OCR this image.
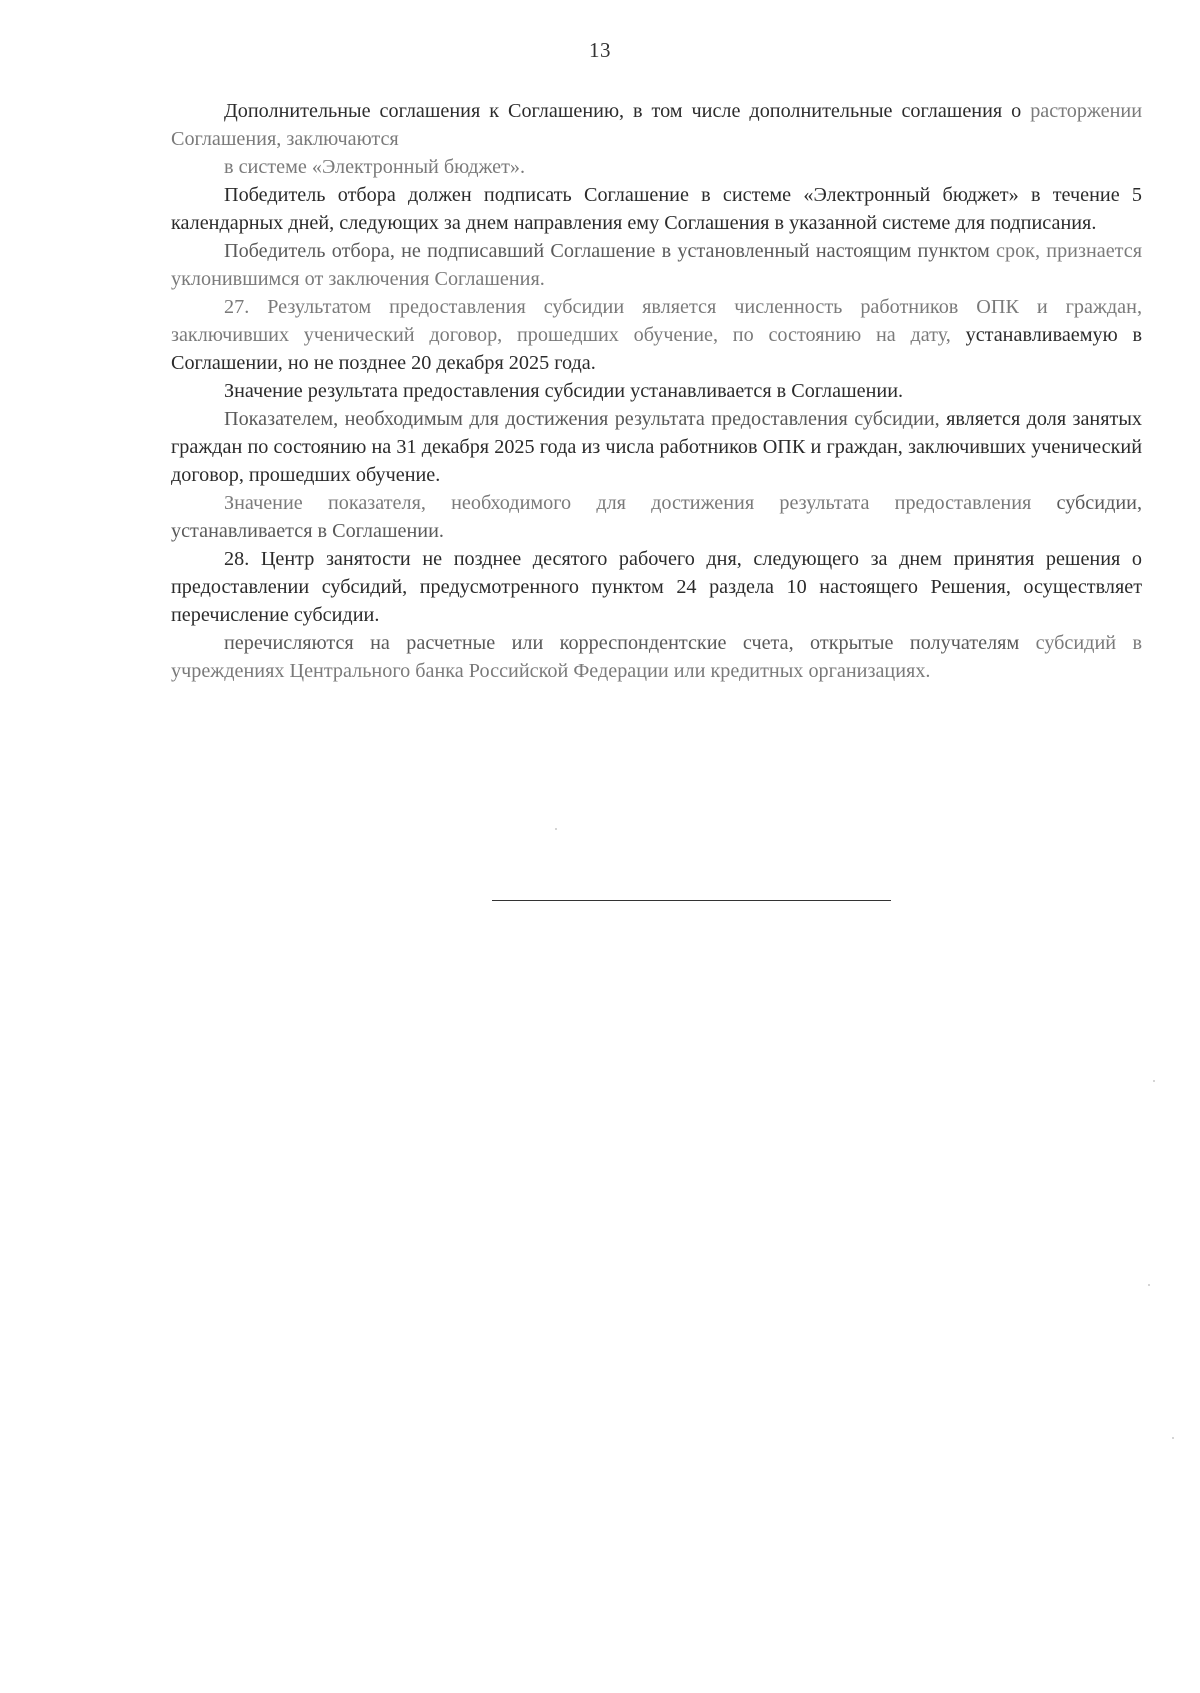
13

Дополнительные соглашения к Соглашению, в том числе дополнительные соглашения о расторжении Соглашения, заключаются

в системе «Электронный бюджет».

Победитель отбора должен подписать Соглашение в системе «Электронный бюджет» в течение 5 календарных дней, следующих за днем направления ему Соглашения в указанной системе для подписания.

Победитель отбора, не подписавший Соглашение в установленный настоящим пунктом срок, признается уклонившимся от заключения Соглашения.

27. Результатом предоставления субсидии является численность работников ОПК и граждан, заключивших ученический договор, прошедших обучение, по состоянию на дату, устанавливаемую в Соглашении, но не позднее 20 декабря 2025 года.

Значение результата предоставления субсидии устанавливается в Соглашении.

Показателем, необходимым для достижения результата предоставления субсидии, является доля занятых граждан по состоянию на 31 декабря 2025 года из числа работников ОПК и граждан, заключивших ученический договор, прошедших обучение.

Значение показателя, необходимого для достижения результата предоставления субсидии, устанавливается в Соглашении.

28. Центр занятости не позднее десятого рабочего дня, следующего за днем принятия решения о предоставлении субсидий, предусмотренного пунктом 24 раздела 10 настоящего Решения, осуществляет перечисление субсидии.

перечисляются на расчетные или корреспондентские счета, открытые получателям субсидий в учреждениях Центрального банка Российской Федерации или кредитных организациях.
